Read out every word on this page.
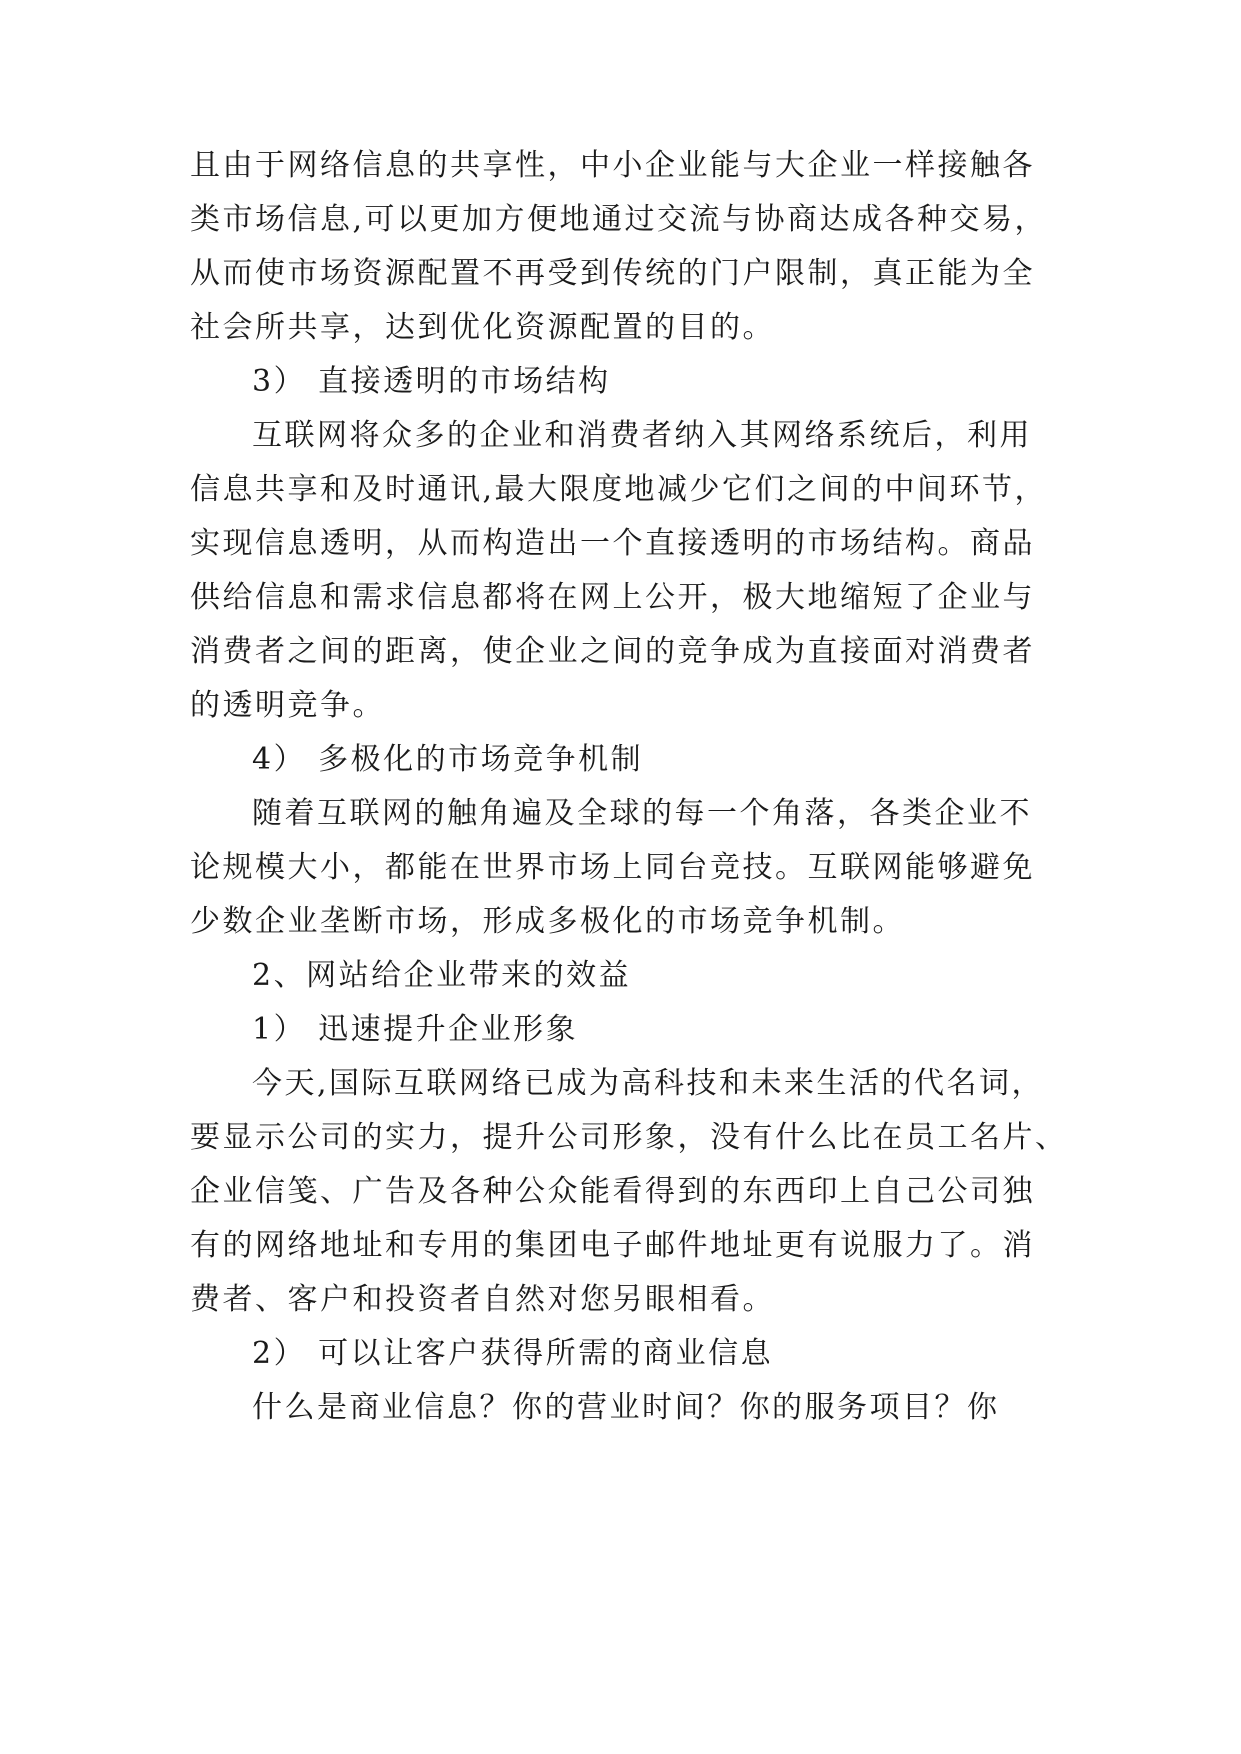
且由于网络信息的共享性，中小企业能与大企业一样接触各
类市场信息,可以更加方便地通过交流与协商达成各种交易，
从而使市场资源配置不再受到传统的门户限制，真正能为全
社会所共享，达到优化资源配置的目的。
3） 直接透明的市场结构
互联网将众多的企业和消费者纳入其网络系统后，利用
信息共享和及时通讯,最大限度地减少它们之间的中间环节，
实现信息透明，从而构造出一个直接透明的市场结构。商品
供给信息和需求信息都将在网上公开，极大地缩短了企业与
消费者之间的距离，使企业之间的竞争成为直接面对消费者
的透明竞争。
4） 多极化的市场竞争机制
随着互联网的触角遍及全球的每一个角落，各类企业不
论规模大小，都能在世界市场上同台竞技。互联网能够避免
少数企业垄断市场，形成多极化的市场竞争机制。
2、网站给企业带来的效益
1） 迅速提升企业形象
今天,国际互联网络已成为高科技和未来生活的代名词，
要显示公司的实力，提升公司形象，没有什么比在员工名片、
企业信笺、广告及各种公众能看得到的东西印上自己公司独
有的网络地址和专用的集团电子邮件地址更有说服力了。消
费者、客户和投资者自然对您另眼相看。
2） 可以让客户获得所需的商业信息
什么是商业信息？你的营业时间？你的服务项目？你
